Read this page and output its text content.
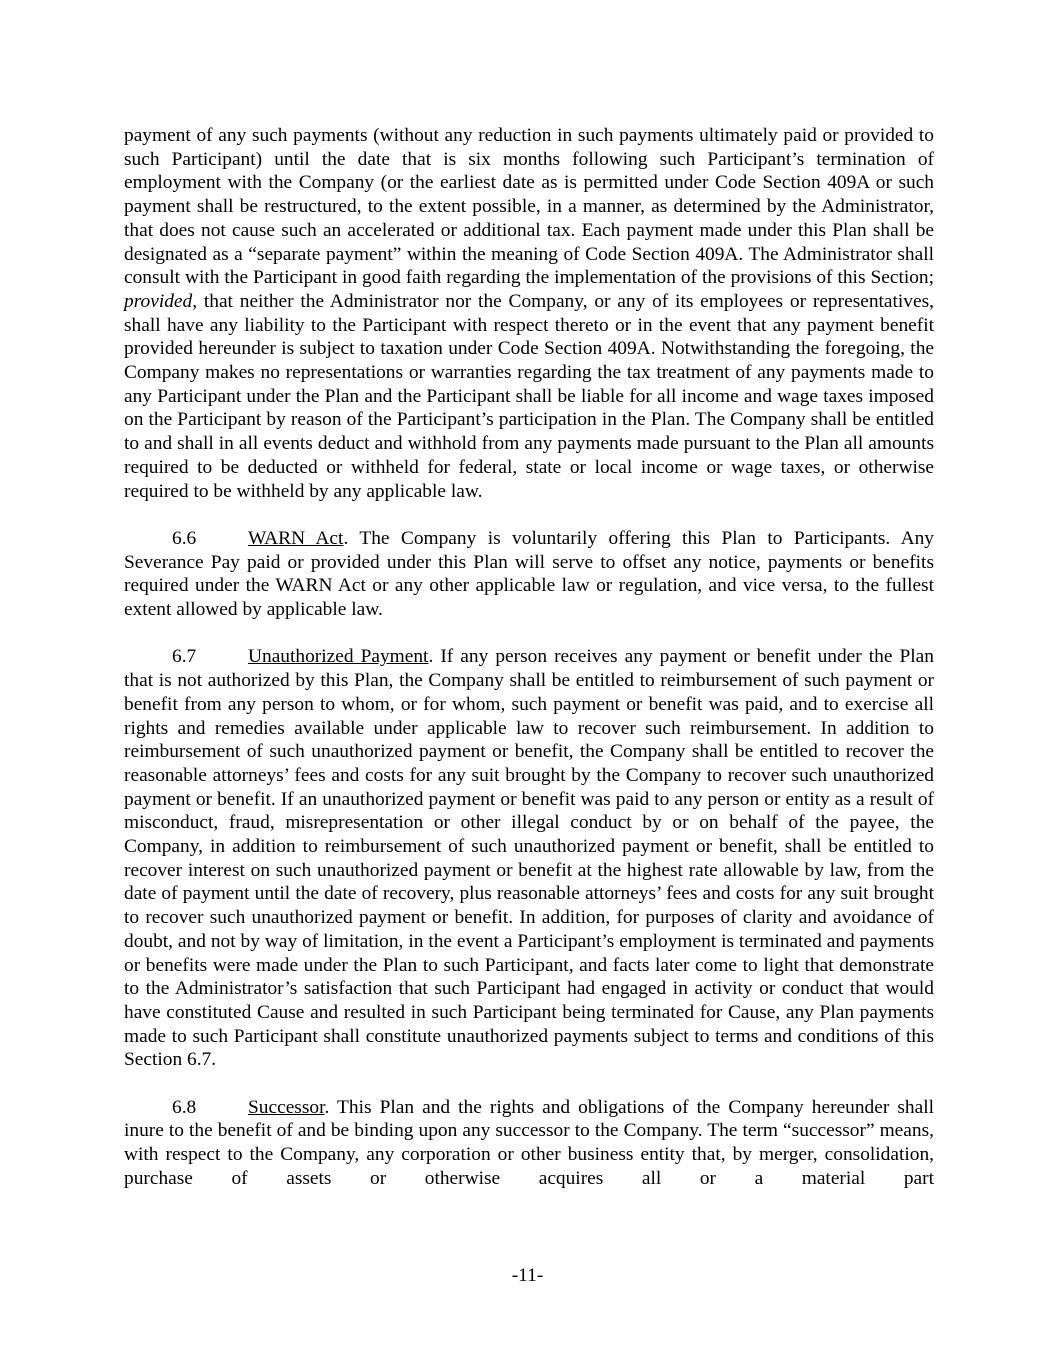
payment of any such payments (without any reduction in such payments ultimately paid or provided to such Participant) until the date that is six months following such Participant’s termination of employment with the Company (or the earliest date as is permitted under Code Section 409A or such payment shall be restructured, to the extent possible, in a manner, as determined by the Administrator, that does not cause such an accelerated or additional tax. Each payment made under this Plan shall be designated as a “separate payment” within the meaning of Code Section 409A. The Administrator shall consult with the Participant in good faith regarding the implementation of the provisions of this Section; provided, that neither the Administrator nor the Company, or any of its employees or representatives, shall have any liability to the Participant with respect thereto or in the event that any payment benefit provided hereunder is subject to taxation under Code Section 409A. Notwithstanding the foregoing, the Company makes no representations or warranties regarding the tax treatment of any payments made to any Participant under the Plan and the Participant shall be liable for all income and wage taxes imposed on the Participant by reason of the Participant’s participation in the Plan. The Company shall be entitled to and shall in all events deduct and withhold from any payments made pursuant to the Plan all amounts required to be deducted or withheld for federal, state or local income or wage taxes, or otherwise required to be withheld by any applicable law.

6.6	WARN Act. The Company is voluntarily offering this Plan to Participants. Any Severance Pay paid or provided under this Plan will serve to offset any notice, payments or benefits required under the WARN Act or any other applicable law or regulation, and vice versa, to the fullest extent allowed by applicable law.

6.7	Unauthorized Payment. If any person receives any payment or benefit under the Plan that is not authorized by this Plan, the Company shall be entitled to reimbursement of such payment or benefit from any person to whom, or for whom, such payment or benefit was paid, and to exercise all rights and remedies available under applicable law to recover such reimbursement. In addition to reimbursement of such unauthorized payment or benefit, the Company shall be entitled to recover the reasonable attorneys’ fees and costs for any suit brought by the Company to recover such unauthorized payment or benefit. If an unauthorized payment or benefit was paid to any person or entity as a result of misconduct, fraud, misrepresentation or other illegal conduct by or on behalf of the payee, the Company, in addition to reimbursement of such unauthorized payment or benefit, shall be entitled to recover interest on such unauthorized payment or benefit at the highest rate allowable by law, from the date of payment until the date of recovery, plus reasonable attorneys’ fees and costs for any suit brought to recover such unauthorized payment or benefit. In addition, for purposes of clarity and avoidance of doubt, and not by way of limitation, in the event a Participant’s employment is terminated and payments or benefits were made under the Plan to such Participant, and facts later come to light that demonstrate to the Administrator’s satisfaction that such Participant had engaged in activity or conduct that would have constituted Cause and resulted in such Participant being terminated for Cause, any Plan payments made to such Participant shall constitute unauthorized payments subject to terms and conditions of this Section 6.7.

6.8	Successor. This Plan and the rights and obligations of the Company hereunder shall inure to the benefit of and be binding upon any successor to the Company. The term “successor” means, with respect to the Company, any corporation or other business entity that, by merger, consolidation, purchase of assets or otherwise acquires all or a material part

-11-
